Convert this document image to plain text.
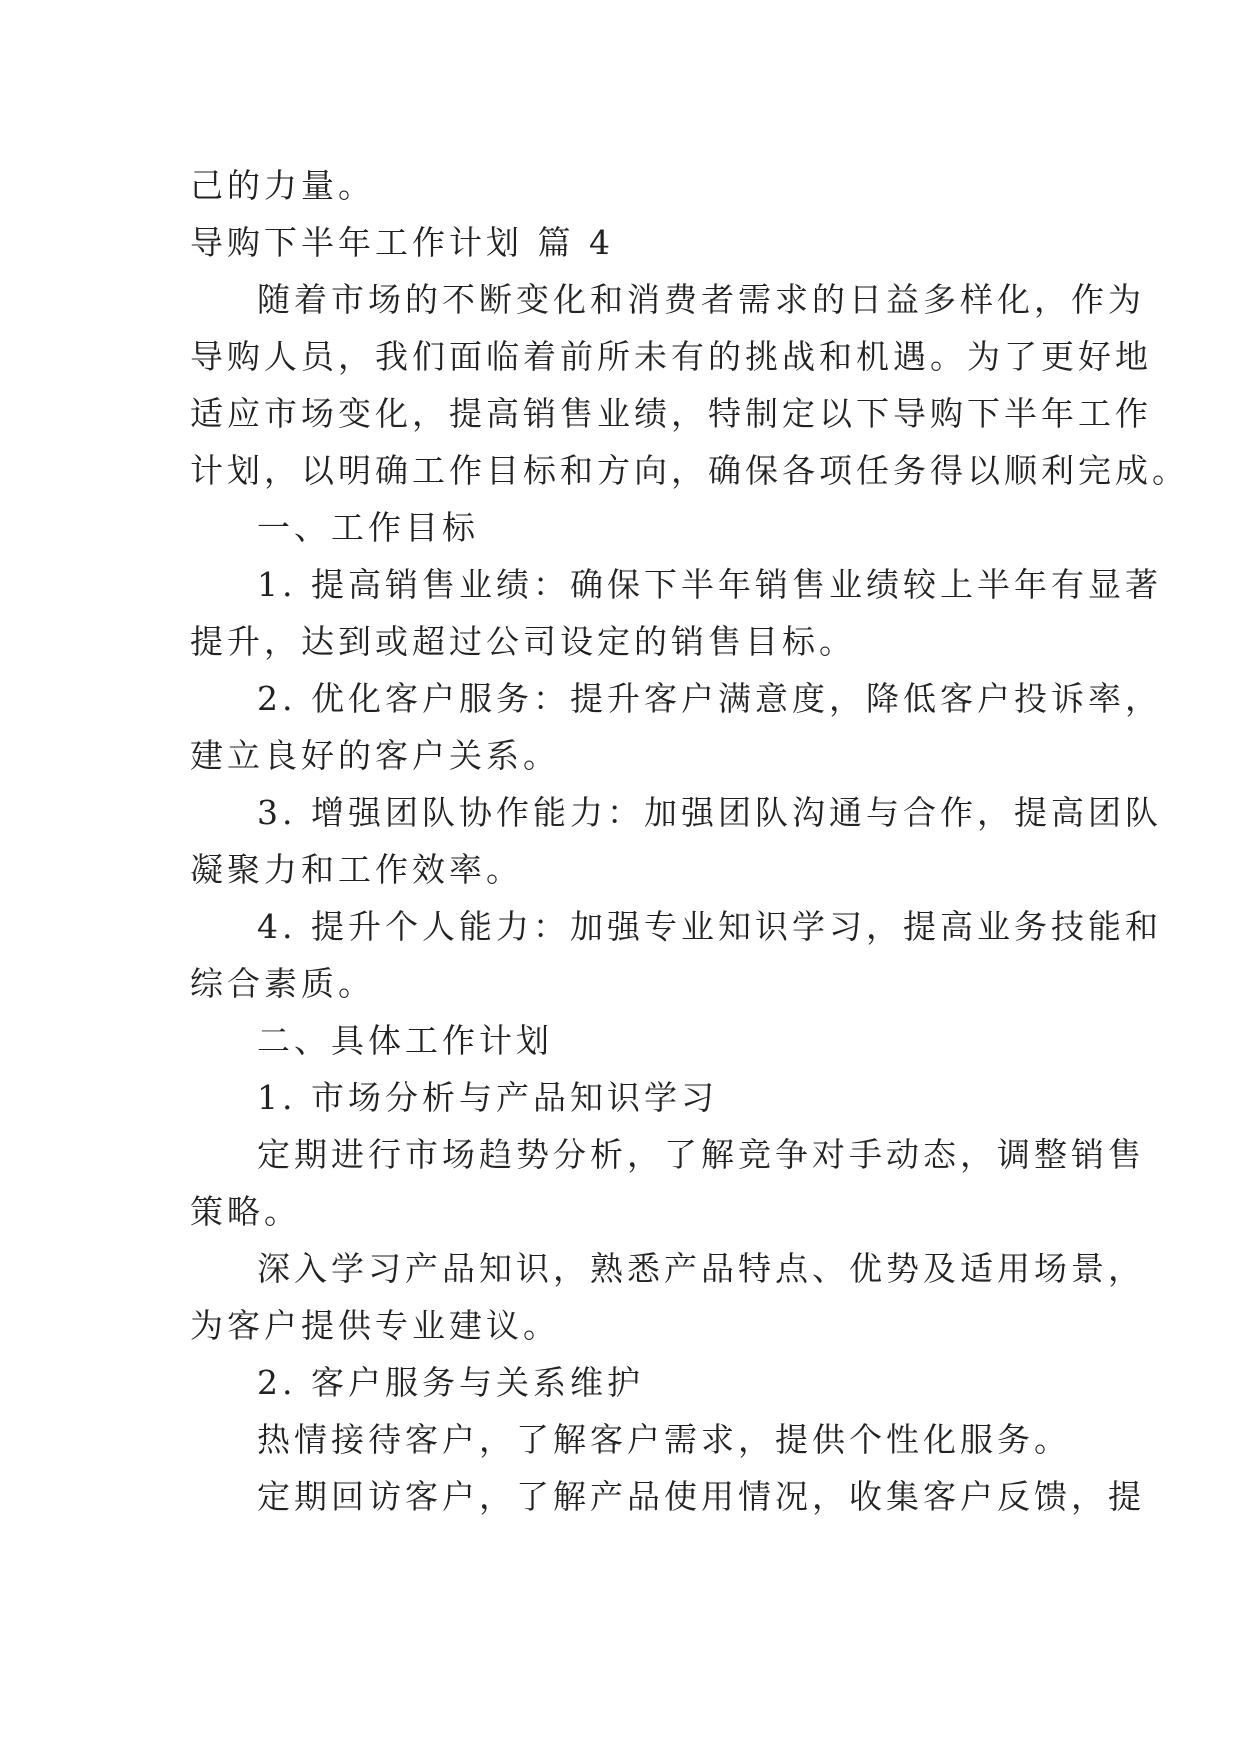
己的力量。
导购下半年工作计划 篇 4
随着市场的不断变化和消费者需求的日益多样化，作为
导购人员，我们面临着前所未有的挑战和机遇。为了更好地
适应市场变化，提高销售业绩，特制定以下导购下半年工作
计划，以明确工作目标和方向，确保各项任务得以顺利完成。
一、工作目标
1. 提高销售业绩：确保下半年销售业绩较上半年有显著
提升，达到或超过公司设定的销售目标。
2. 优化客户服务：提升客户满意度，降低客户投诉率，
建立良好的客户关系。
3. 增强团队协作能力：加强团队沟通与合作，提高团队
凝聚力和工作效率。
4. 提升个人能力：加强专业知识学习，提高业务技能和
综合素质。
二、具体工作计划
1. 市场分析与产品知识学习
定期进行市场趋势分析，了解竞争对手动态，调整销售
策略。
深入学习产品知识，熟悉产品特点、优势及适用场景，
为客户提供专业建议。
2. 客户服务与关系维护
热情接待客户，了解客户需求，提供个性化服务。
定期回访客户，了解产品使用情况，收集客户反馈，提
